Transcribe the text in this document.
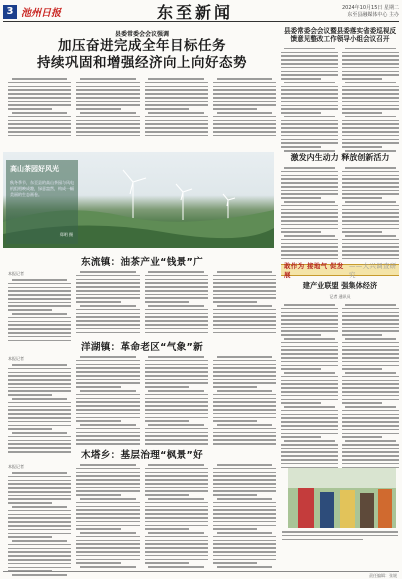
3 池州日报	东至新闻	2024年10月15日 星期二
东至县融媒体中心 主办
县委常委会会议强调
加压奋进完成全年目标任务
持续巩固和增强经济向上向好态势
县委常委会会议暨县委落实省委巡视反馈意见整改工作领导小组会议召开
高山茶园好风光
秋冬季节，东至县的高山茶园与风电机组相映成趣，绿意盎然，构成一幅美丽的生态画卷。
郑明 摄
激发内生动力 释放创新活力
敢作为 接地气 促发展
——大兴调查研究
建产业联盟 强集体经济
记者 通讯员
东流镇：油茶产业“钱景”广
本报记者
洋湖镇：革命老区“气象”新
本报记者
木塔乡：基层治理“枫景”好
本报记者
责任编辑：张媛
